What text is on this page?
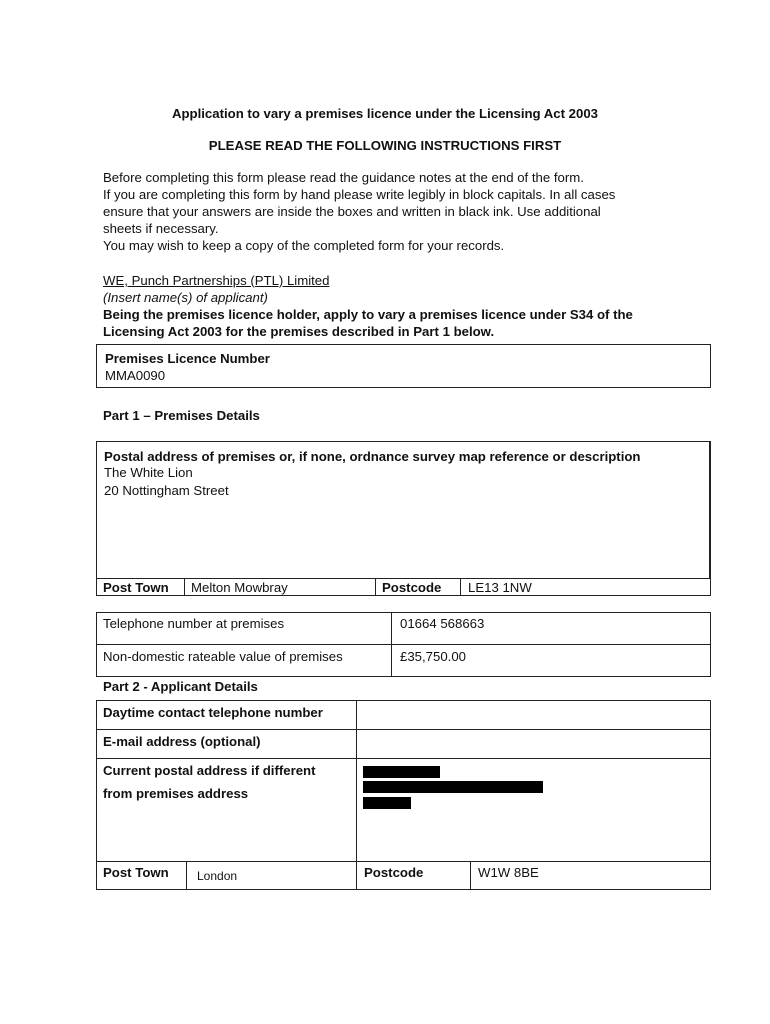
Application to vary a premises licence under the Licensing Act 2003
PLEASE READ THE FOLLOWING INSTRUCTIONS FIRST
Before completing this form please read the guidance notes at the end of the form.
If you are completing this form by hand please write legibly in block capitals. In all cases
ensure that your answers are inside the boxes and written in black ink. Use additional
sheets if necessary.
You may wish to keep a copy of the completed form for your records.
WE, Punch Partnerships (PTL) Limited
(Insert name(s) of applicant)
Being the premises licence holder, apply to vary a premises licence under S34 of the
Licensing Act 2003 for the premises described in Part 1 below.
Premises Licence Number
MMA0090
Part 1 – Premises Details
Postal address of premises or, if none, ordnance survey map reference or description
The White Lion
20 Nottingham Street
Post Town Melton Mowbray	Postcode LE13 1NW
Telephone number at premises	01664 568663
Non-domestic rateable value of premises	£35,750.00
Part 2 - Applicant Details
Daytime contact telephone number
E-mail address (optional)
Current postal address if different
from premises address
Post Town London	Postcode	W1W 8BE
